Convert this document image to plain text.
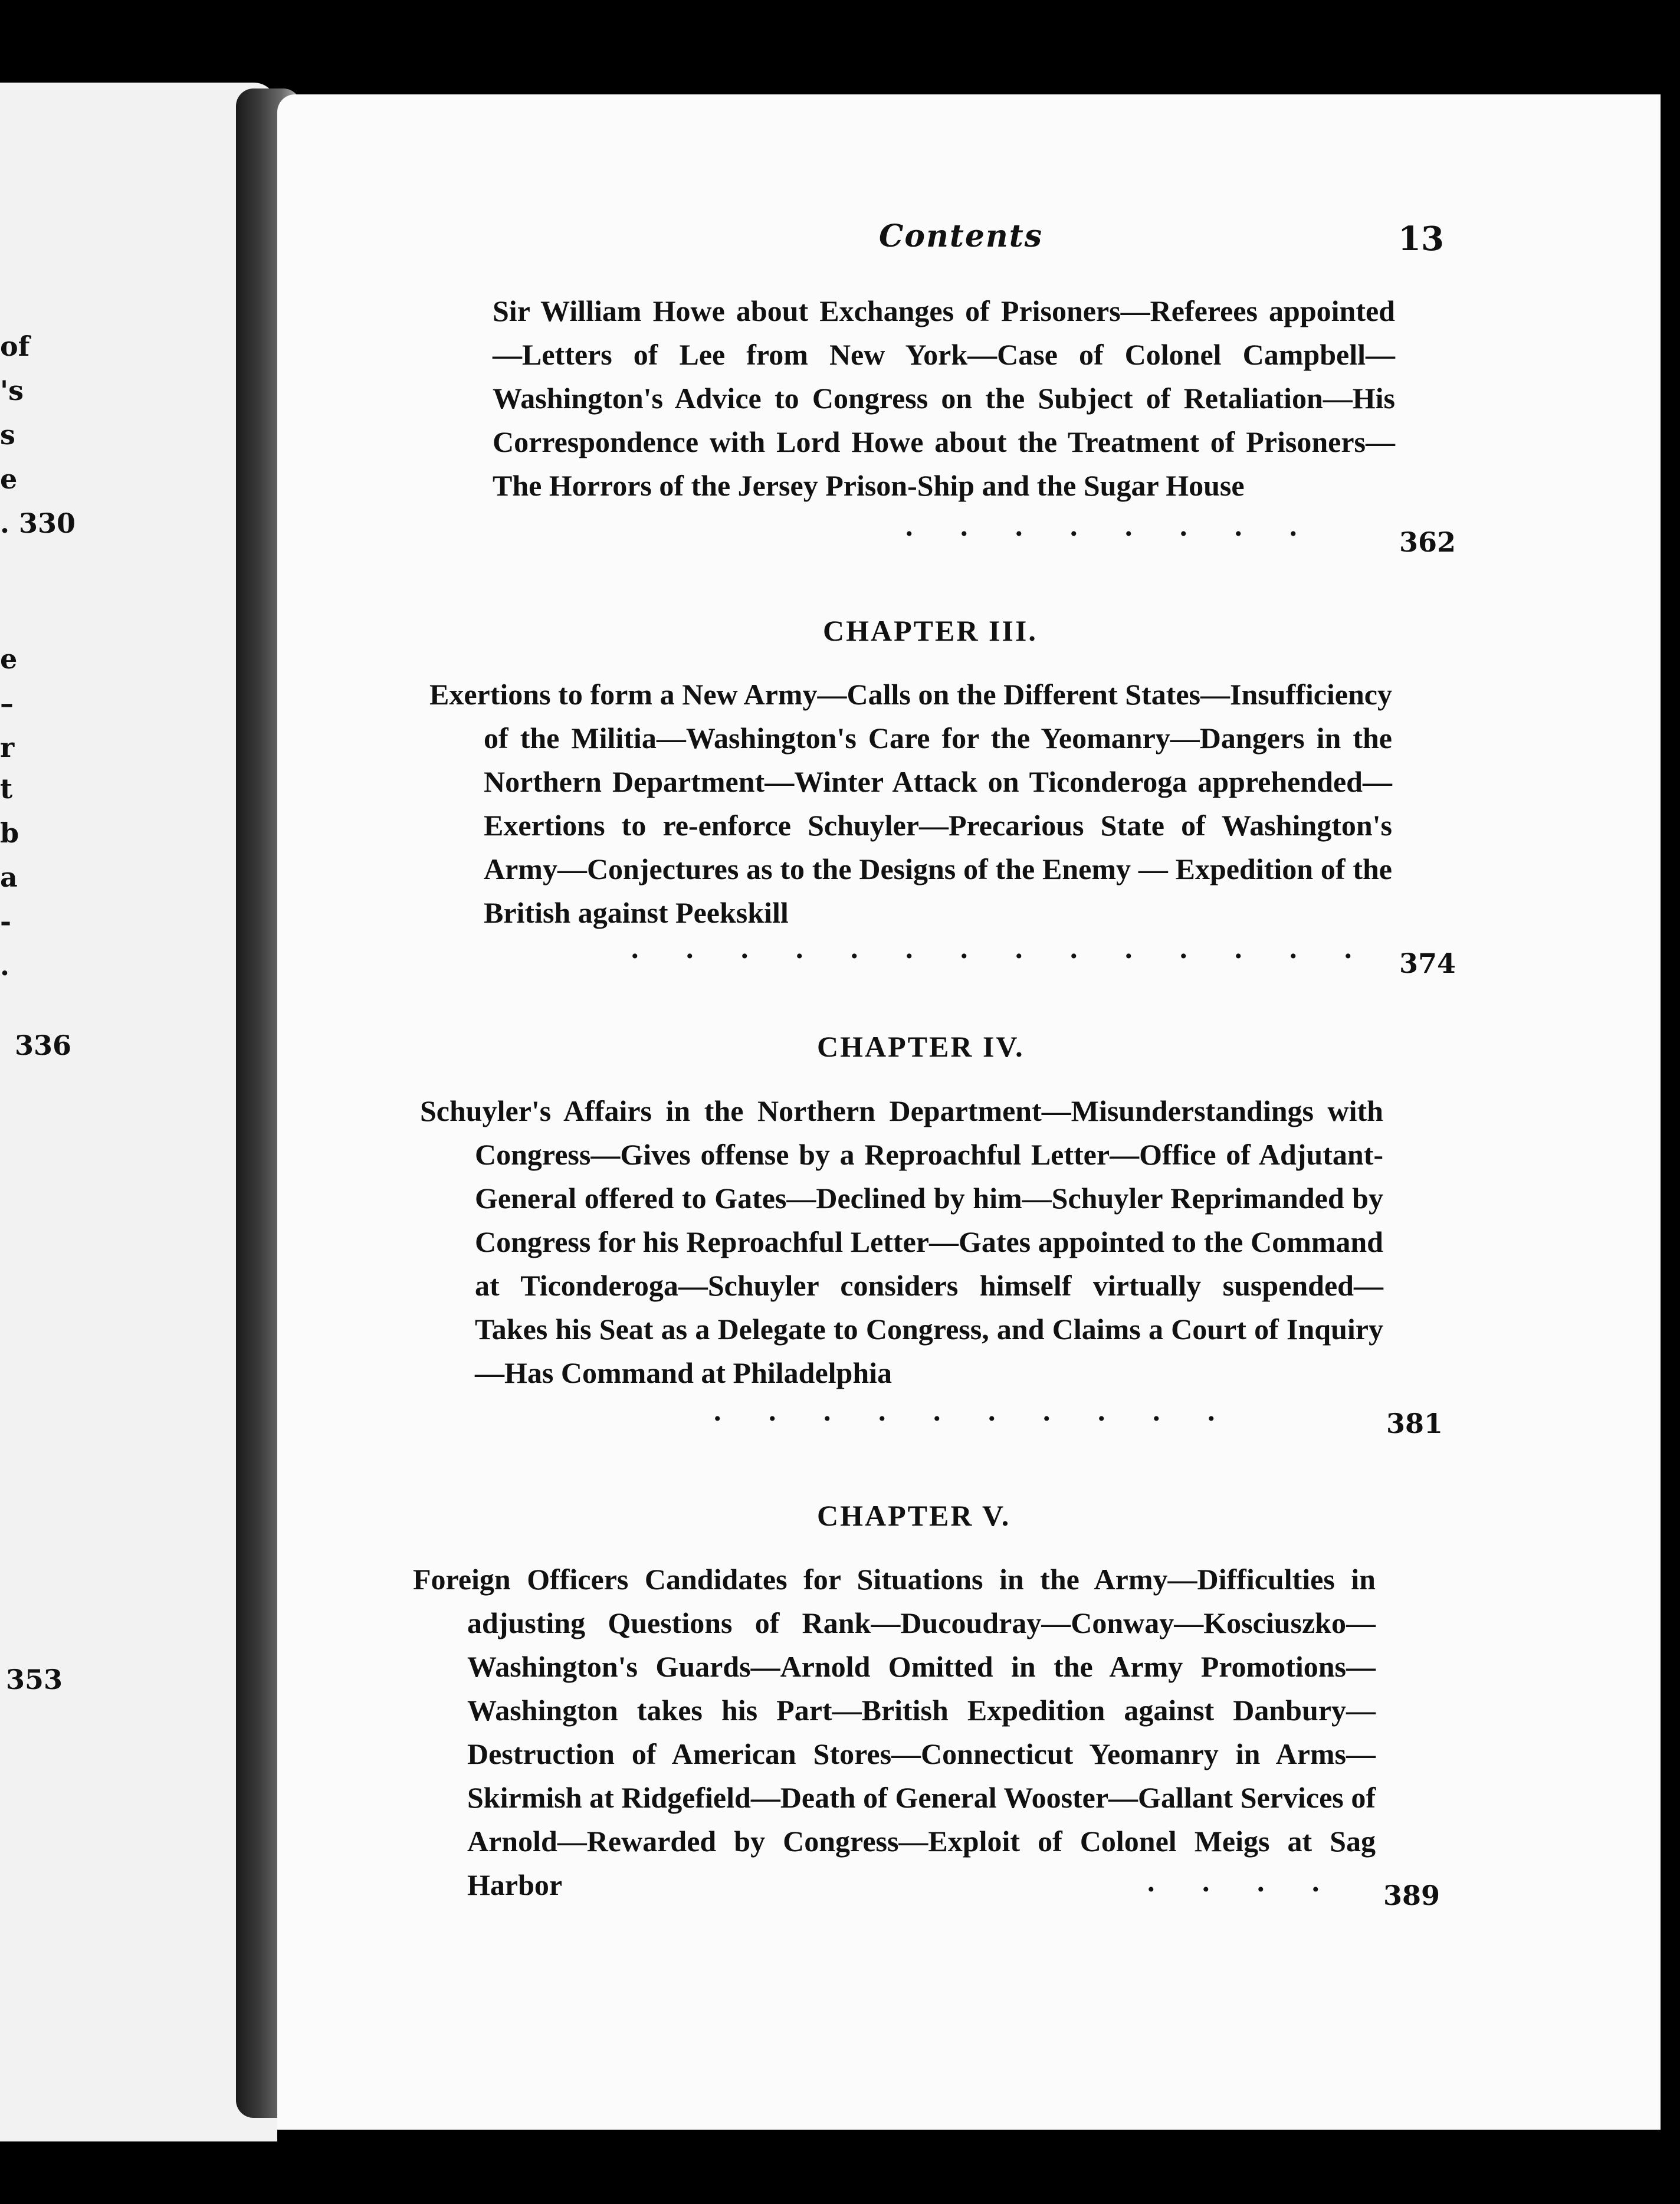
of
's
s
e
. 330
e
–
r
t
b
a
-
.
336
353
Contents	13
Sir William Howe about Exchanges of Prisoners—Referees appointed—Letters of Lee from New York—Case of Colonel Campbell—Washington's Advice to Congress on the Subject of Retaliation—His Correspondence with Lord Howe about the Treatment of Prisoners—The Horrors of the Jersey Prison-Ship and the Sugar House
. . . . . . . .	362
CHAPTER III.
Exertions to form a New Army—Calls on the Different States—Insufficiency of the Militia—Washington's Care for the Yeomanry—Dangers in the Northern Department—Winter Attack on Ticonderoga apprehended—Exertions to re-enforce Schuyler—Precarious State of Washington's Army—Conjectures as to the Designs of the Enemy — Expedition of the British against Peekskill
. . . . . . . . . . . . . . 374
CHAPTER IV.
Schuyler's Affairs in the Northern Department—Misunderstandings with Congress—Gives offense by a Reproachful Letter—Office of Adjutant-General offered to Gates—Declined by him—Schuyler Reprimanded by Congress for his Reproachful Letter—Gates appointed to the Command at Ticonderoga—Schuyler considers himself virtually suspended—Takes his Seat as a Delegate to Congress, and Claims a Court of Inquiry—Has Command at Philadelphia
. . . . . . . . . .	381
CHAPTER V.
Foreign Officers Candidates for Situations in the Army—Difficulties in adjusting Questions of Rank—Ducoudray—Conway—Kosciuszko—Washington's Guards—Arnold Omitted in the Army Promotions—Washington takes his Part—British Expedition against Danbury—Destruction of American Stores—Connecticut Yeomanry in Arms—Skirmish at Ridgefield—Death of General Wooster—Gallant Services of Arnold—Rewarded by Congress—Exploit of Colonel Meigs at Sag Harbor	. . . . 389
